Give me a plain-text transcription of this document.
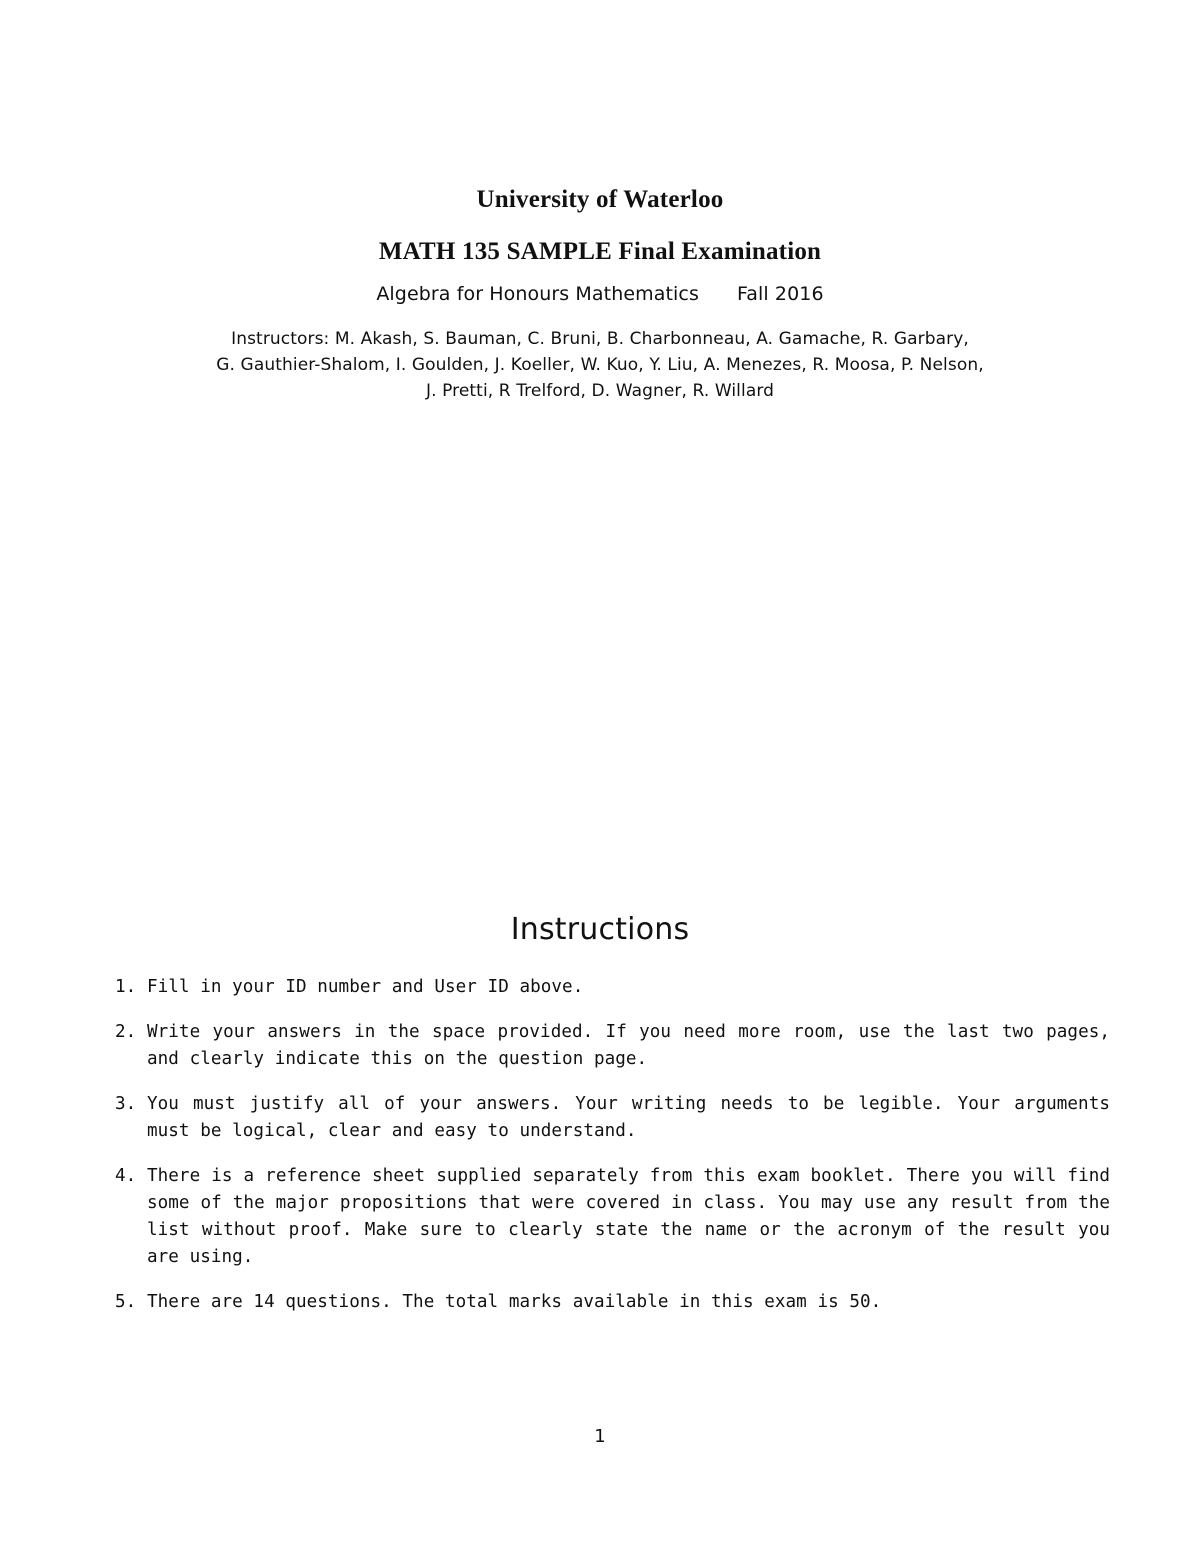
University of Waterloo
MATH 135 SAMPLE Final Examination
Algebra for Honours Mathematics Fall 2016
Instructors: M. Akash, S. Bauman, C. Bruni, B. Charbonneau, A. Gamache, R. Garbary,
G. Gauthier-Shalom, I. Goulden, J. Koeller, W. Kuo, Y. Liu, A. Menezes, R. Moosa, P. Nelson,
J. Pretti, R Trelford, D. Wagner, R. Willard
Instructions
1. Fill in your ID number and User ID above.
2. Write your answers in the space provided. If you need more room, use the last two pages, and clearly indicate this on the question page.
3. You must justify all of your answers. Your writing needs to be legible. Your arguments must be logical, clear and easy to understand.
4. There is a reference sheet supplied separately from this exam booklet. There you will find some of the major propositions that were covered in class. You may use any result from the list without proof. Make sure to clearly state the name or the acronym of the result you are using.
5. There are 14 questions. The total marks available in this exam is 50.
1
